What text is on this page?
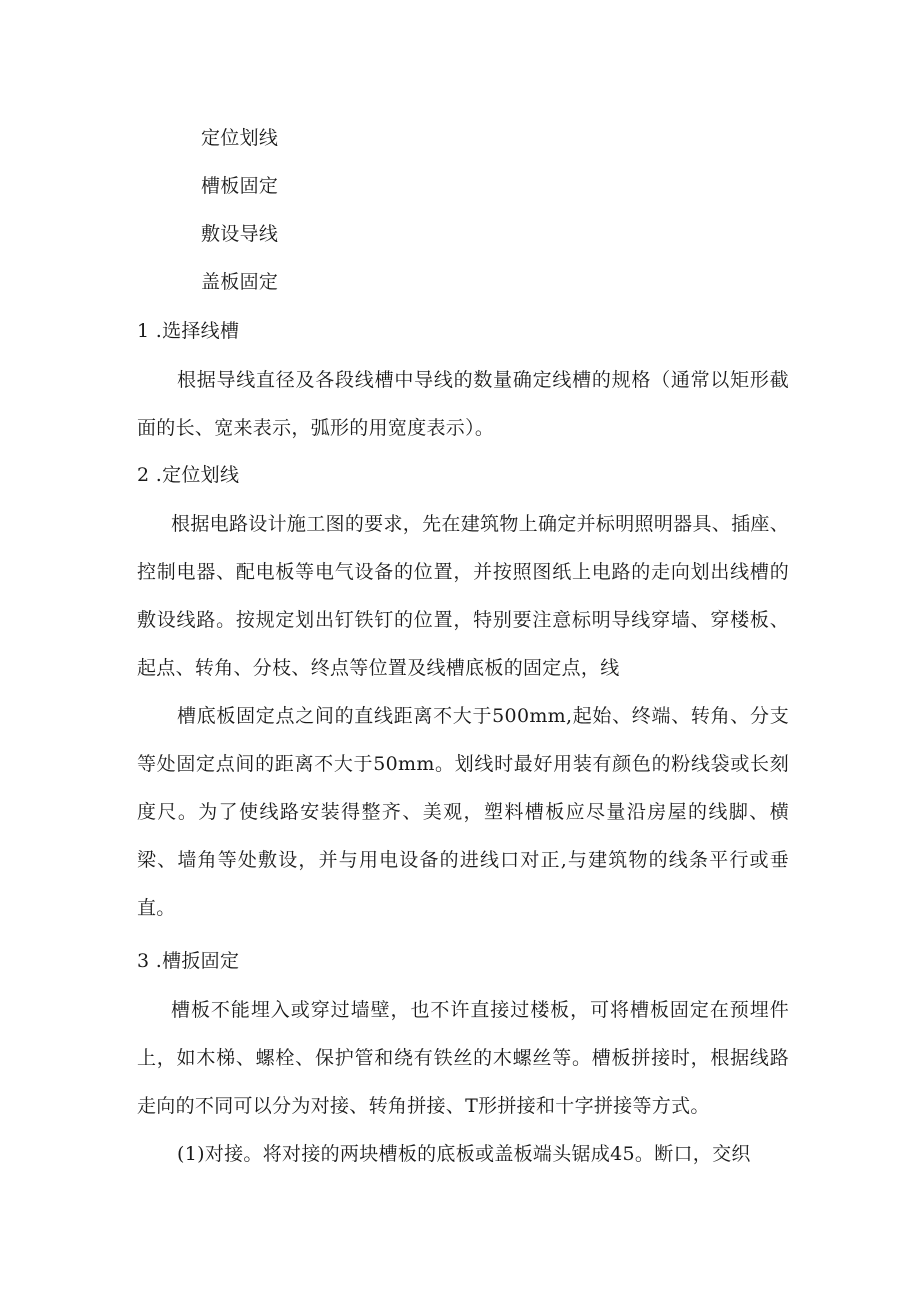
定位划线
槽板固定
敷设导线
盖板固定
1 .选择线槽
根据导线直径及各段线槽中导线的数量确定线槽的规格（通常以矩形截面的长、宽来表示，弧形的用宽度表示）。
2 .定位划线
根据电路设计施工图的要求，先在建筑物上确定并标明照明器具、插座、控制电器、配电板等电气设备的位置，并按照图纸上电路的走向划出线槽的敷设线路。按规定划出钉铁钉的位置，特别要注意标明导线穿墙、穿楼板、起点、转角、分枝、终点等位置及线槽底板的固定点，线
槽底板固定点之间的直线距离不大于500mm,起始、终端、转角、分支等处固定点间的距离不大于50mm。划线时最好用装有颜色的粉线袋或长刻度尺。为了使线路安装得整齐、美观，塑料槽板应尽量沿房屋的线脚、横梁、墙角等处敷设，并与用电设备的进线口对正,与建筑物的线条平行或垂直。
3 .槽扳固定
槽板不能埋入或穿过墙壁，也不许直接过楼板，可将槽板固定在预埋件上，如木梯、螺栓、保护管和绕有铁丝的木螺丝等。槽板拼接时，根据线路走向的不同可以分为对接、转角拼接、T形拼接和十字拼接等方式。
(1)对接。将对接的两块槽板的底板或盖板端头锯成45。断口，交织
